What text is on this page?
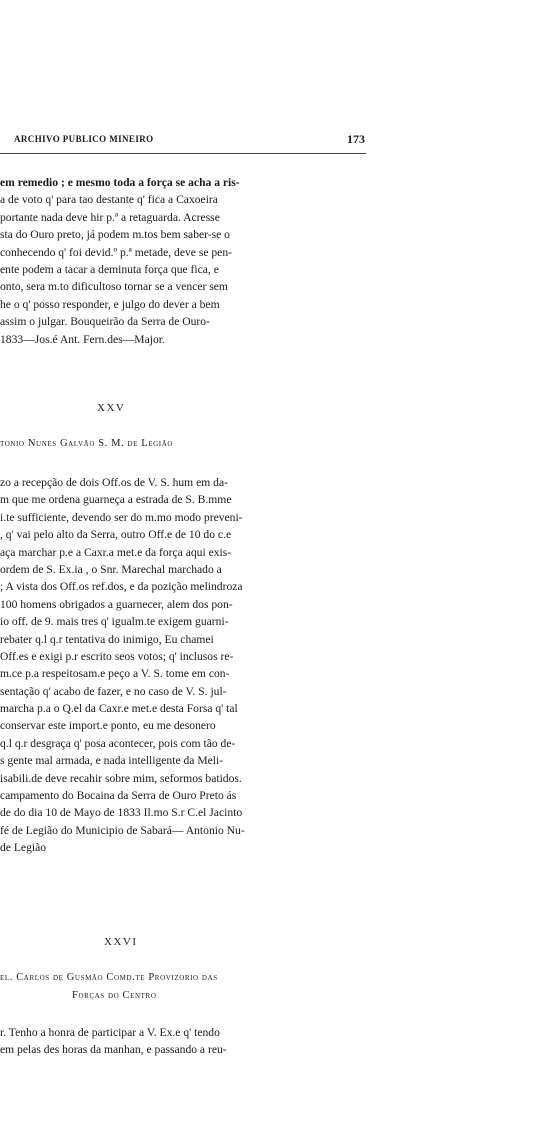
ARCHIVO PUBLICO MINEIRO	173
em remedio ; e mesmo toda a força se acha a ris-
a de voto q' para tao destante q' fica a Caxoeira
portante nada deve hir p.ª a retaguarda. Acresse
sta do Ouro preto, já podem m.tos bem saber-se o
conhecendo q' foi devid.º p.ª metade, deve se pen-
ente podem a tacar a deminuta força que fica, e
onto, sera m.to dificultoso tornar se a vencer sem
he o q' posso responder, e julgo do dever a bem
assim o julgar. Bouqueirão da Serra de Ouro-
1833—Jos.é Ant. Fern.des—Major.
XXV
tonio Nunes Galvão S. M. de Legião
zo a recepção de dois Off.os de V. S. hum em da-
m que me ordena guarneça a estrada de S. B.mme
i.te sufficiente, devendo ser do m.mo modo preveni-
, q' vai pelo alto da Serra, outro Off.e de 10 do c.e
aça marchar p.e a Caxr.a met.e da força aqui exis-
ordem de S. Ex.ia , o Snr. Marechal marchado a
; A vista dos Off.os ref.dos, e da pozição melindroza
100 homens obrigados a guarnecer, alem dos pon-
io off. de 9. mais tres q' igualm.te exigem guarni-
rebater q.l q.r tentativa do inimigo, Eu chamei
Off.es e exigi p.r escrito seos votos; q' inclusos re-
m.ce p.a respeitosam.e peço a V. S. tome em con-
sentação q' acabo de fazer, e no caso de V. S. jul-
marcha p.a o Q.el da Caxr.e met.e desta Forsa q' tal
conservar este import.e ponto, eu me desonero
q.l q.r desgraça q' posa acontecer, pois com tão de-
s gente mal armada, e nada intelligente da Meli-
isabili.de deve recahir sobre mim, seformos batidos.
campamento do Bocaina da Serra de Ouro Preto ás
de do dia 10 de Mayo de 1833 Il.mo S.r C.el Jacinto
fé de Legião do Municipio de Sabará— Antonio Nu-
de Legião
XXVI
el. Carlos de Gusmão Comd.te Provizorio das
Forças do Centro
r. Tenho a honra de participar a V. Ex.e q' tendo
em pelas des horas da manhan, e passando a reu-
